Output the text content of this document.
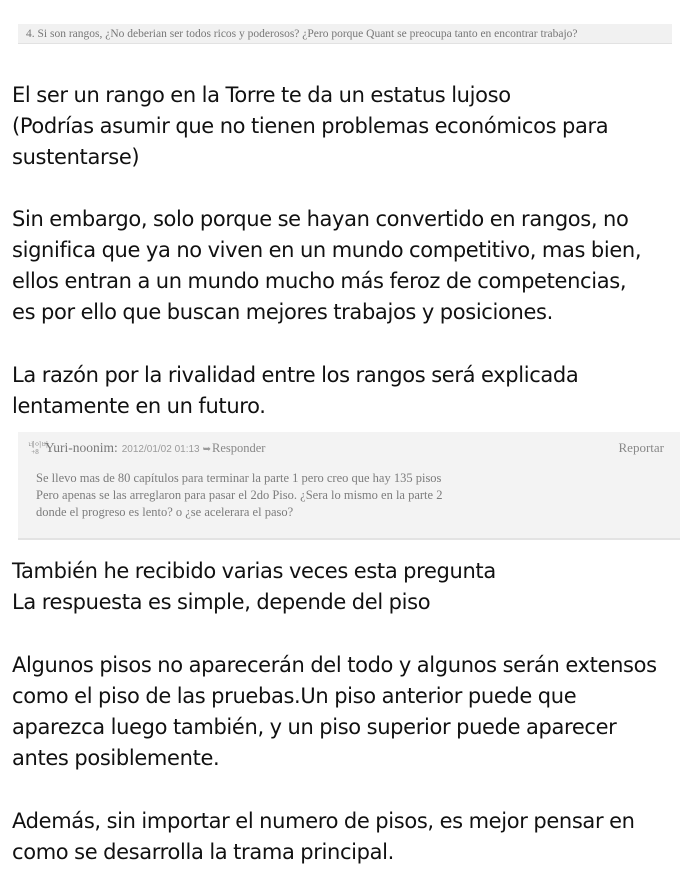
4. Si son rangos, ¿No deberian ser todos ricos y poderosos? ¿Pero porque Quant se preocupa tanto en encontrar trabajo?
El ser un rango en la Torre te da un estatus lujoso
(Podrías asumir que no tienen problemas económicos para
sustentarse)
Sin embargo, solo porque se hayan convertido en rangos, no
significa que ya no viven en un mundo competitivo, mas bien,
ellos entran a un mundo mucho más feroz de competencias,
es por ello que buscan mejores trabajos y posiciones.
La razón por la rivalidad entre los rangos será explicada
lentamente en un futuro.
네이버
+8 Yuri-noonim: 2012/01/02 01:13 ➥Responder	Reportar
Se llevo mas de 80 capítulos para terminar la parte 1 pero creo que hay 135 pisos
Pero apenas se las arreglaron para pasar el 2do Piso. ¿Sera lo mismo en la parte 2
donde el progreso es lento? o ¿se acelerara el paso?
También he recibido varias veces esta pregunta
La respuesta es simple, depende del piso
Algunos pisos no aparecerán del todo y algunos serán extensos
como el piso de las pruebas.Un piso anterior puede que
aparezca luego también, y un piso superior puede aparecer
antes posiblemente.
Además, sin importar el numero de pisos, es mejor pensar en
como se desarrolla la trama principal.
